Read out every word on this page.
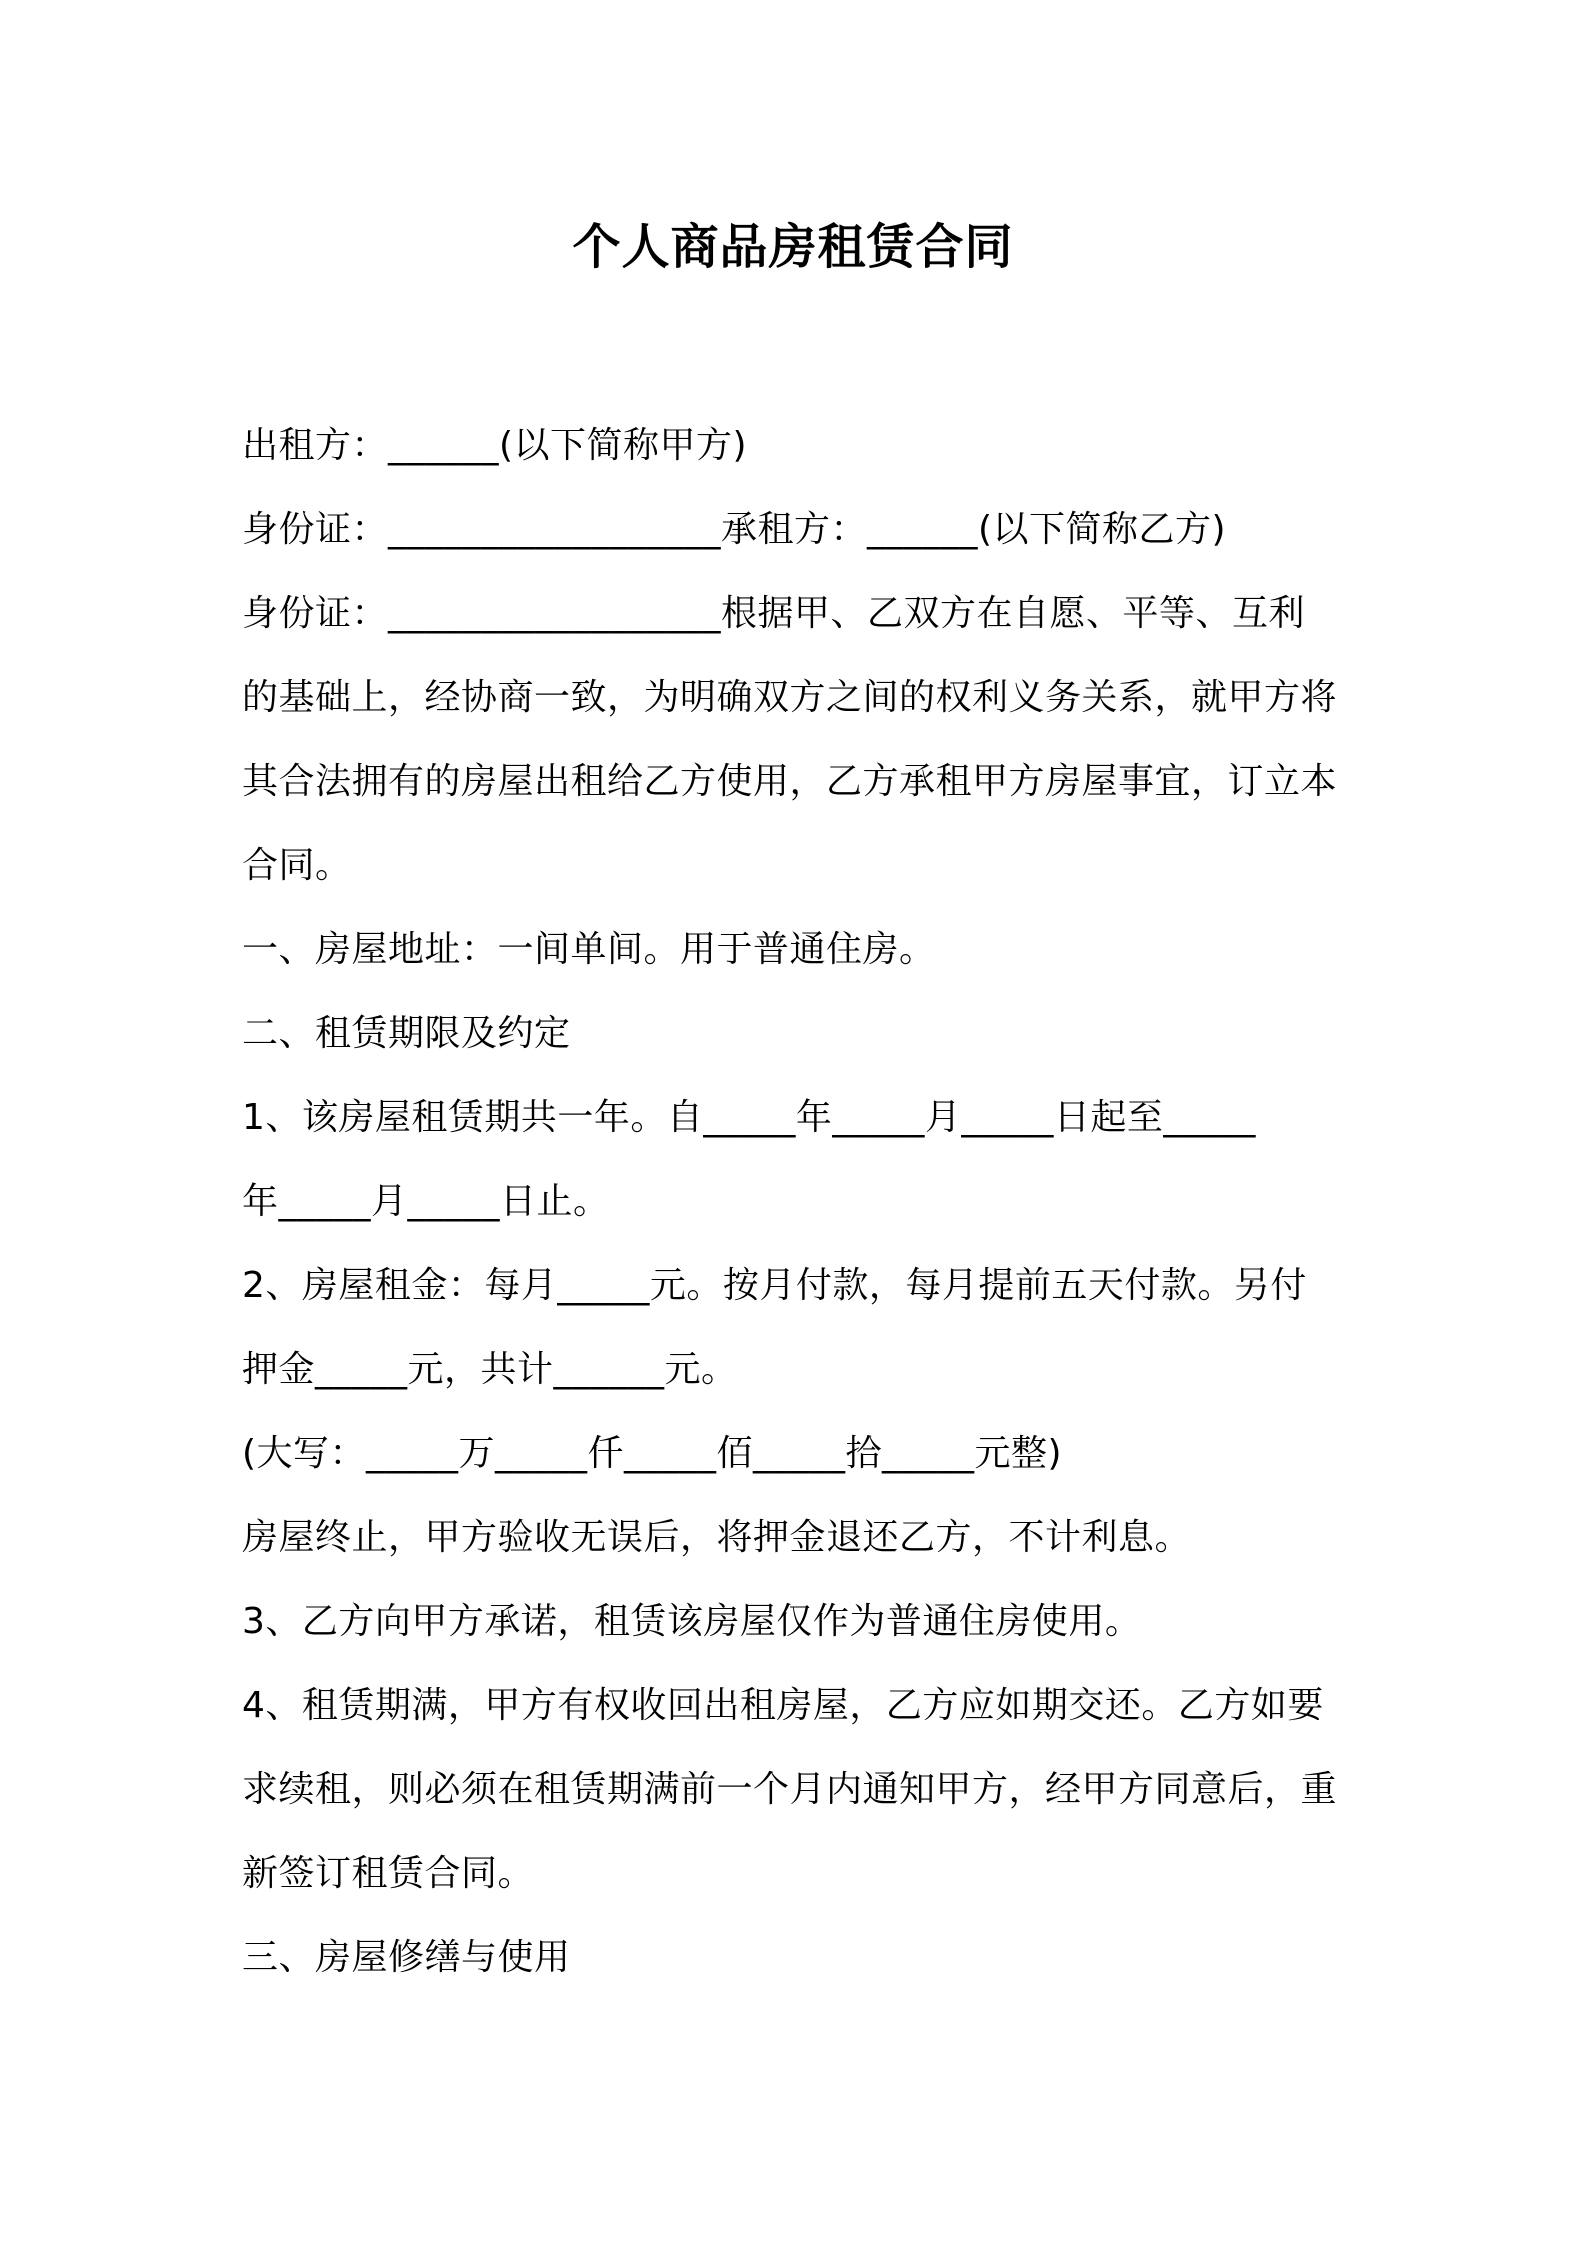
个人商品房租赁合同
出租方：______(以下简称甲方)
身份证：__________________承租方：______(以下简称乙方)
身份证：__________________根据甲、乙双方在自愿、平等、互利
的基础上，经协商一致，为明确双方之间的权利义务关系，就甲方将
其合法拥有的房屋出租给乙方使用，乙方承租甲方房屋事宜，订立本
合同。
一、房屋地址：一间单间。用于普通住房。
二、租赁期限及约定
1、该房屋租赁期共一年。自_____年_____月_____日起至_____
年_____月_____日止。
2、房屋租金：每月_____元。按月付款，每月提前五天付款。另付
押金_____元，共计______元。
(大写：_____万_____仟_____佰_____拾_____元整)
房屋终止，甲方验收无误后，将押金退还乙方，不计利息。
3、乙方向甲方承诺，租赁该房屋仅作为普通住房使用。
4、租赁期满，甲方有权收回出租房屋，乙方应如期交还。乙方如要
求续租，则必须在租赁期满前一个月内通知甲方，经甲方同意后，重
新签订租赁合同。
三、房屋修缮与使用
